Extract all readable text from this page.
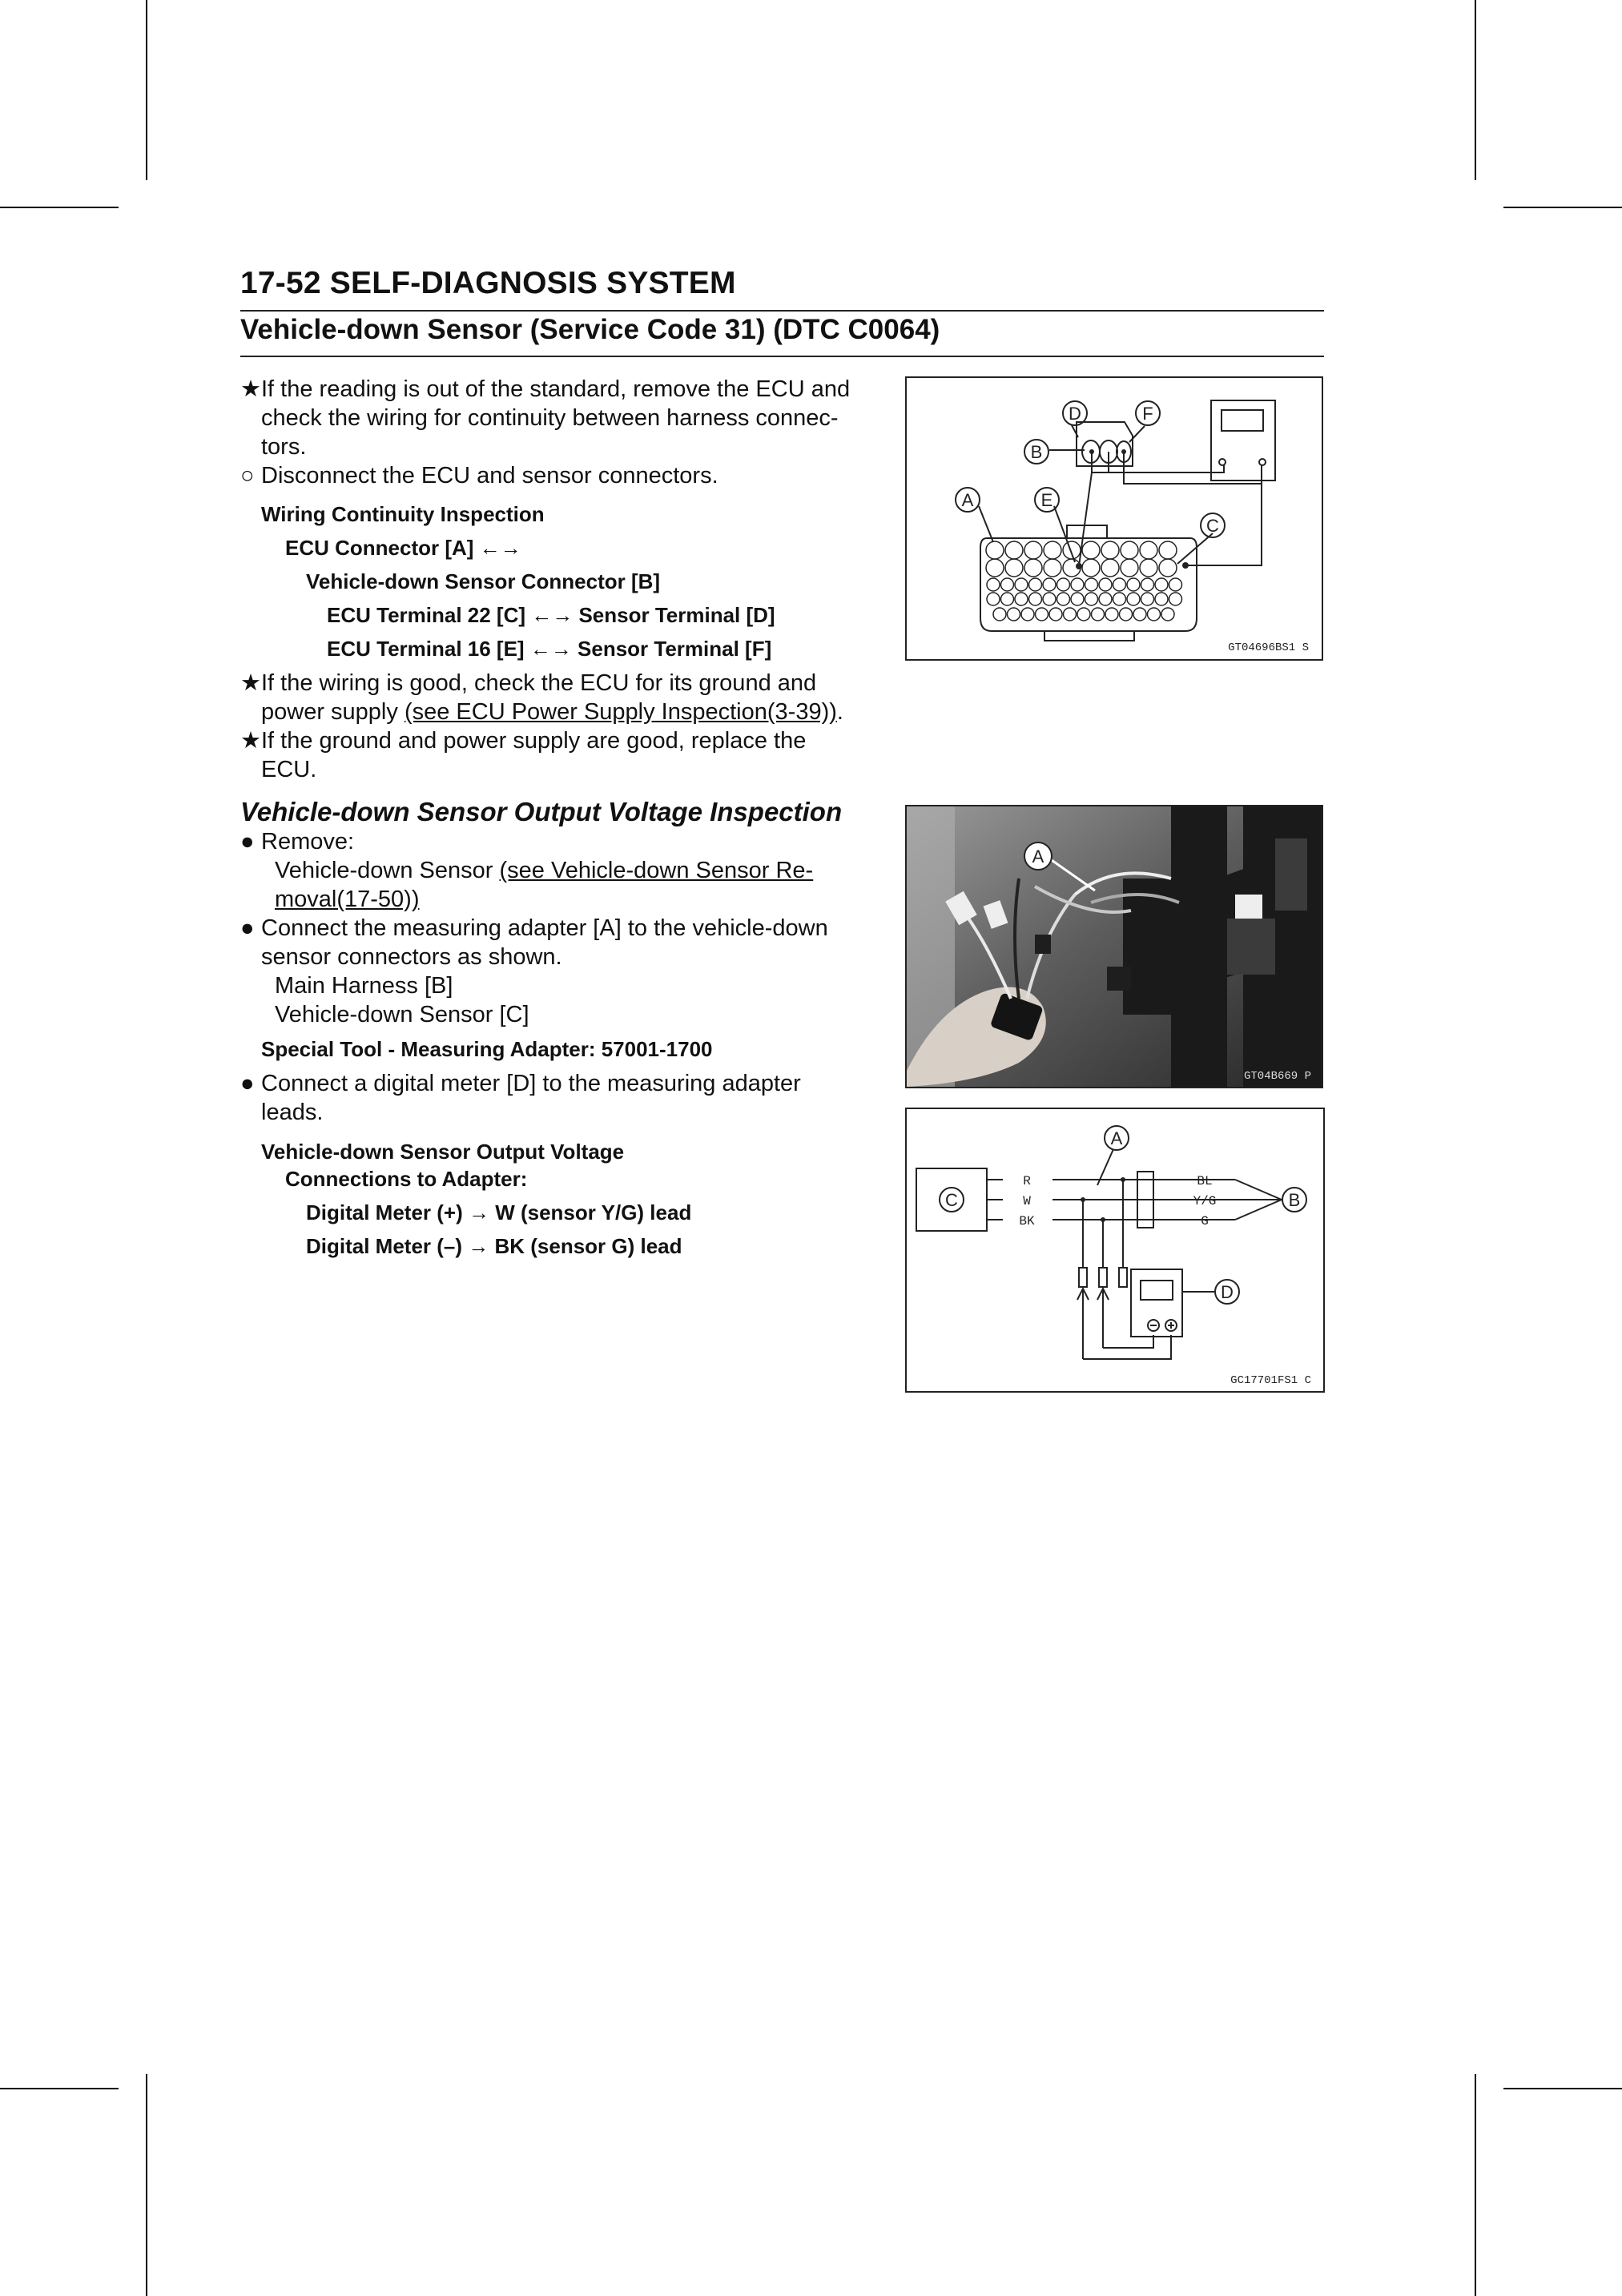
17-52 SELF-DIAGNOSIS SYSTEM
Vehicle-down Sensor (Service Code 31) (DTC C0064)
★ If the reading is out of the standard, remove the ECU and
check the wiring for continuity between harness connec-
tors.
○ Disconnect the ECU and sensor connectors.
Wiring Continuity Inspection
ECU Connector [A] ←→
Vehicle-down Sensor Connector [B]
ECU Terminal 22 [C] ←→ Sensor Terminal [D]
ECU Terminal 16 [E] ←→ Sensor Terminal [F]
★ If the wiring is good, check the ECU for its ground and
power supply (see ECU Power Supply Inspection(3-39)).
★ If the ground and power supply are good, replace the
ECU.
Vehicle-down Sensor Output Voltage Inspection
● Remove:
Vehicle-down Sensor (see Vehicle-down Sensor Re-
moval(17-50))
● Connect the measuring adapter [A] to the vehicle-down
sensor connectors as shown.
Main Harness [B]
Vehicle-down Sensor [C]
Special Tool - Measuring Adapter: 57001-1700
● Connect a digital meter [D] to the measuring adapter
leads.
Vehicle-down Sensor Output Voltage
Connections to Adapter:
Digital Meter (+) → W (sensor Y/G) lead
Digital Meter (–) → BK (sensor G) lead
D	F
B
A	E
C
GT04696BS1 S
A
GT04B669 P
R
W
BK
BL
Y/G
G
C
A
B
D
GC17701FS1 C
